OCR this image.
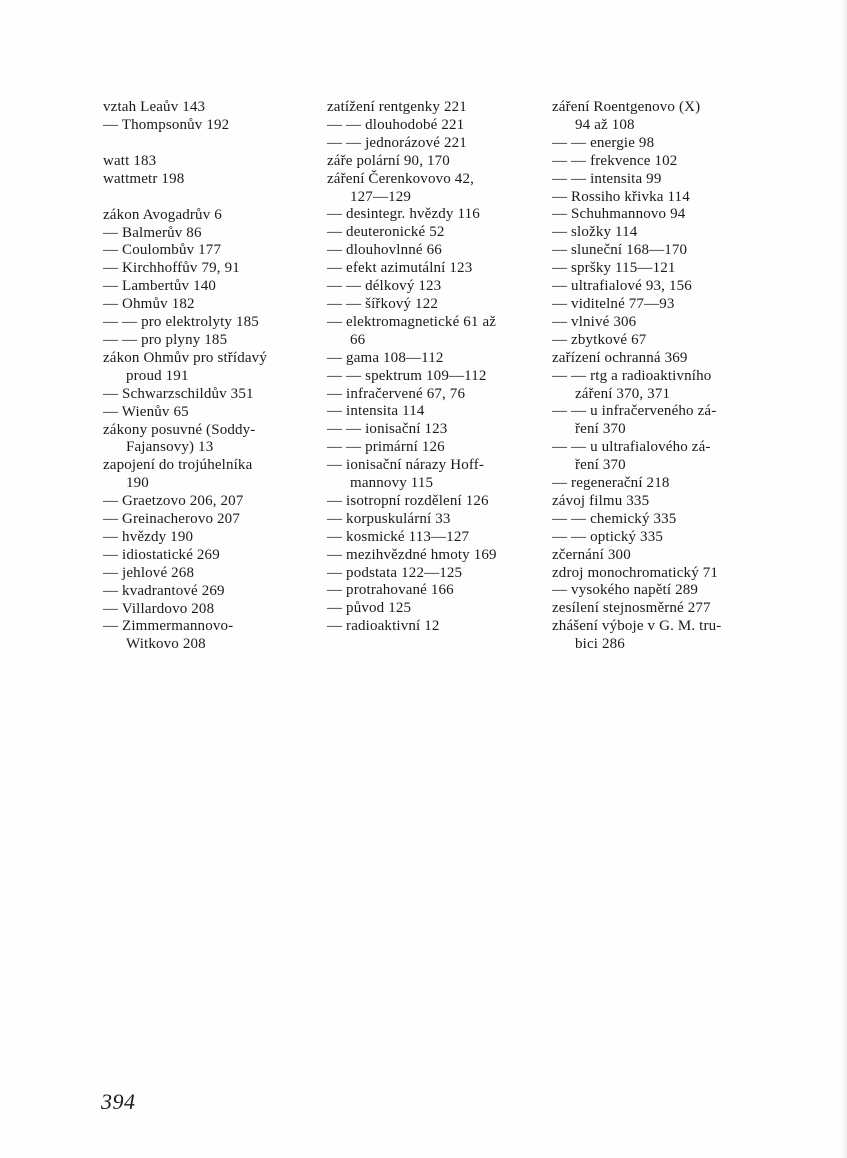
vztah Leaův 143
— Thompsonův 192
watt 183
wattmetr 198
zákon Avogadrův 6
— Balmerův 86
— Coulombův 177
— Kirchhoffův 79, 91
— Lambertův 140
— Ohmův 182
— — pro elektrolyty 185
— — pro plyny 185
zákon Ohmův pro střídavý
proud 191
— Schwarzschildův 351
— Wienův 65
zákony posuvné (Soddy-
Fajansovy) 13
zapojení do trojúhelníka
190
— Graetzovo 206, 207
— Greinacherovo 207
— hvězdy 190
— idiostatické 269
— jehlové 268
— kvadrantové 269
— Villardovo 208
— Zimmermannovo-
Witkovo 208
zatížení rentgenky 221
— — dlouhodobé 221
— — jednorázové 221
záře polární 90, 170
záření Čerenkovovo 42,
127—129
— desintegr. hvězdy 116
— deuteronické 52
— dlouhovlnné 66
— efekt azimutální 123
— — délkový 123
— — šířkový 122
— elektromagnetické 61 až
66
— gama 108—112
— — spektrum 109—112
— infračervené 67, 76
— intensita 114
— — ionisační 123
— — primární 126
— ionisační nárazy Hoff-
mannovy 115
— isotropní rozdělení 126
— korpuskulární 33
— kosmické 113—127
— mezihvězdné hmoty 169
— podstata 122—125
— protrahované 166
— původ 125
— radioaktivní 12
záření Roentgenovo (X)
94 až 108
— — energie 98
— — frekvence 102
— — intensita 99
— Rossiho křivka 114
— Schuhmannovo 94
— složky 114
— sluneční 168—170
— spršky 115—121
— ultrafialové 93, 156
— viditelné 77—93
— vlnivé 306
— zbytkové 67
zařízení ochranná 369
— — rtg a radioaktivního
záření 370, 371
— — u infračerveného zá-
ření 370
— — u ultrafialového zá-
ření 370
— regenerační 218
závoj filmu 335
— — chemický 335
— — optický 335
zčernání 300
zdroj monochromatický 71
— vysokého napětí 289
zesílení stejnosměrné 277
zhášení výboje v G. M. tru-
bici 286
394
